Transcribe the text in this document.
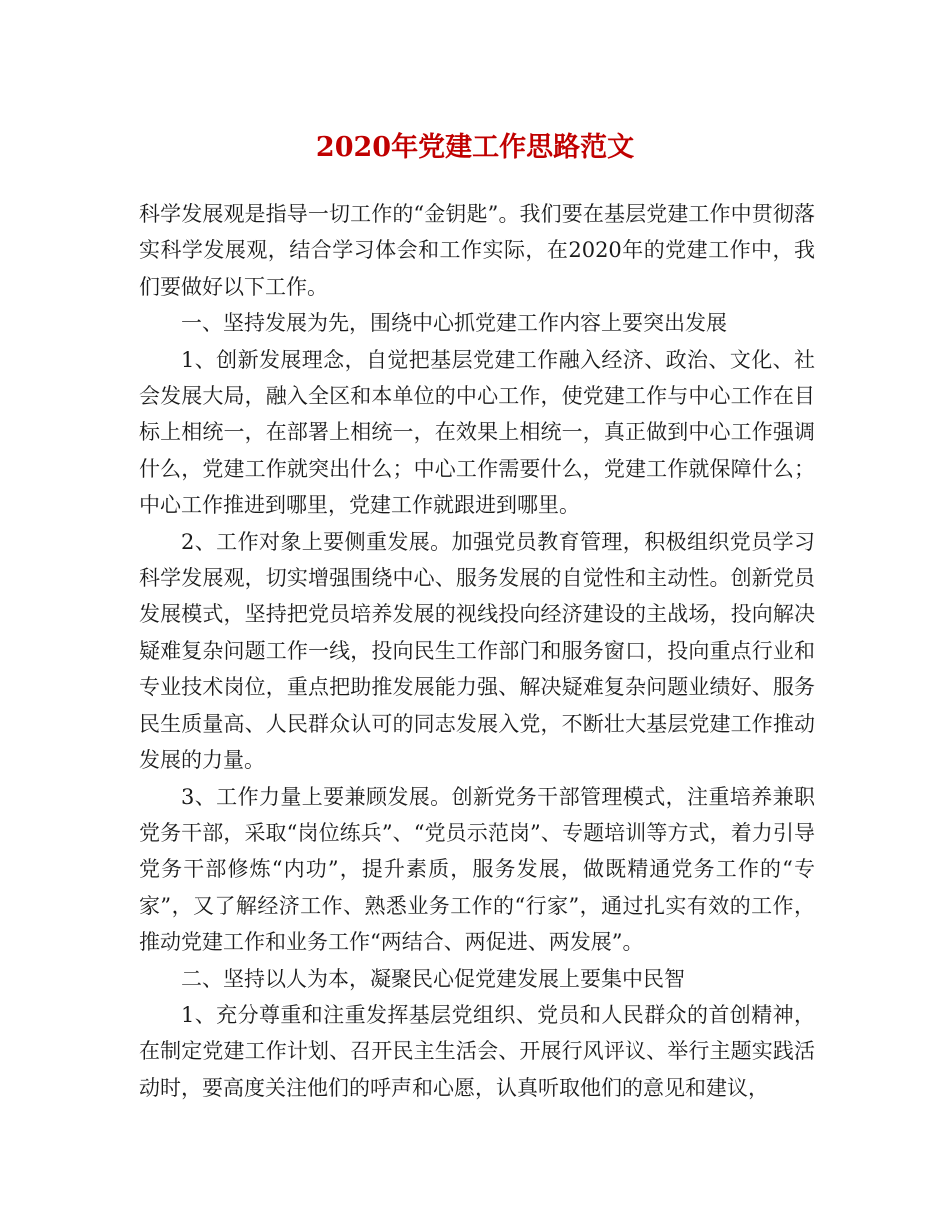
2020年党建工作思路范文

科学发展观是指导一切工作的“金钥匙”。我们要在基层党建工作中贯彻落实科学发展观，结合学习体会和工作实际，在2020年的党建工作中，我们要做好以下工作。

一、坚持发展为先，围绕中心抓党建工作内容上要突出发展

1、创新发展理念，自觉把基层党建工作融入经济、政治、文化、社会发展大局，融入全区和本单位的中心工作，使党建工作与中心工作在目标上相统一，在部署上相统一，在效果上相统一，真正做到中心工作强调什么，党建工作就突出什么；中心工作需要什么，党建工作就保障什么；中心工作推进到哪里，党建工作就跟进到哪里。

2、工作对象上要侧重发展。加强党员教育管理，积极组织党员学习科学发展观，切实增强围绕中心、服务发展的自觉性和主动性。创新党员发展模式，坚持把党员培养发展的视线投向经济建设的主战场，投向解决疑难复杂问题工作一线，投向民生工作部门和服务窗口，投向重点行业和专业技术岗位，重点把助推发展能力强、解决疑难复杂问题业绩好、服务民生质量高、人民群众认可的同志发展入党，不断壮大基层党建工作推动发展的力量。

3、工作力量上要兼顾发展。创新党务干部管理模式，注重培养兼职党务干部，采取“岗位练兵”、“党员示范岗”、专题培训等方式，着力引导党务干部修炼“内功”，提升素质，服务发展，做既精通党务工作的“专家”，又了解经济工作、熟悉业务工作的“行家”，通过扎实有效的工作，推动党建工作和业务工作“两结合、两促进、两发展”。

二、坚持以人为本，凝聚民心促党建发展上要集中民智

1、充分尊重和注重发挥基层党组织、党员和人民群众的首创精神，在制定党建工作计划、召开民主生活会、开展行风评议、举行主题实践活动时，要高度关注他们的呼声和心愿，认真听取他们的意见和建议，
